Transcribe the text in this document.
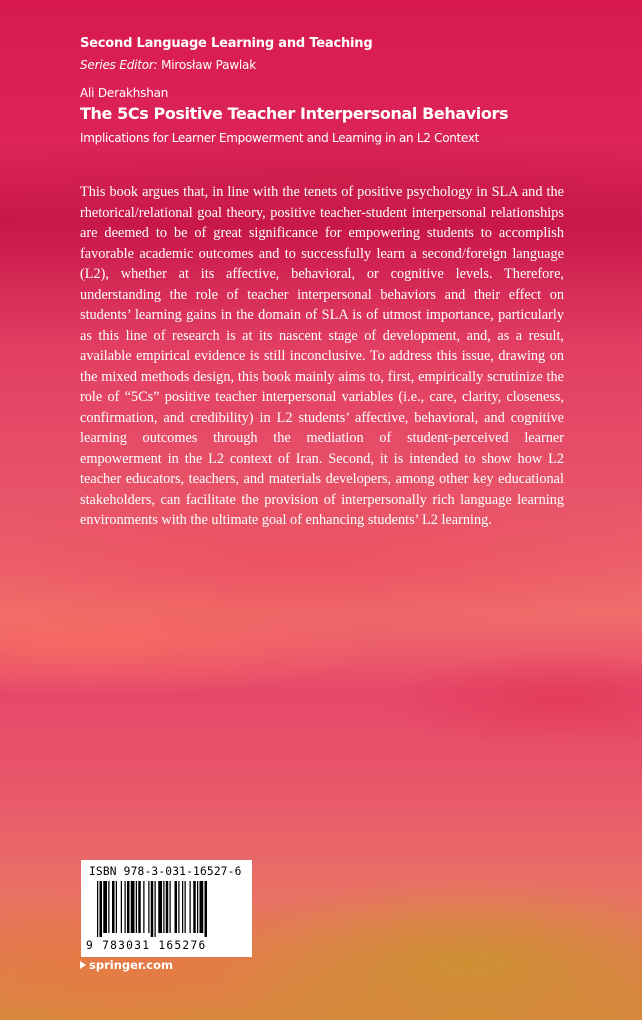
Second Language Learning and Teaching
Series Editor: Mirosław Pawlak
Ali Derakhshan
The 5Cs Positive Teacher Interpersonal Behaviors
Implications for Learner Empowerment and Learning in an L2 Context

This book argues that, in line with the tenets of positive psychology in SLA and the rhetorical/relational goal theory, positive teacher-student interpersonal relationships are deemed to be of great significance for empowering students to accomplish favorable academic outcomes and to successfully learn a second/foreign language (L2), whether at its affective, behavioral, or cognitive levels. Therefore, understanding the role of teacher interpersonal behaviors and their effect on students’ learning gains in the domain of SLA is of utmost importance, particularly as this line of research is at its nascent stage of development, and, as a result, available empirical evidence is still inconclusive. To address this issue, drawing on the mixed methods design, this book mainly aims to, first, empirically scrutinize the role of “5Cs” positive teacher interpersonal variables (i.e., care, clarity, closeness, confirmation, and credibility) in L2 students’ affective, behavioral, and cognitive learning outcomes through the mediation of student-perceived learner empowerment in the L2 context of Iran. Second, it is intended to show how L2 teacher educators, teachers, and materials developers, among other key educational stakeholders, can facilitate the provision of interpersonally rich language learning environments with the ultimate goal of enhancing students’ L2 learning.

ISBN 978-3-031-16527-6
9 783031 165276
springer.com
